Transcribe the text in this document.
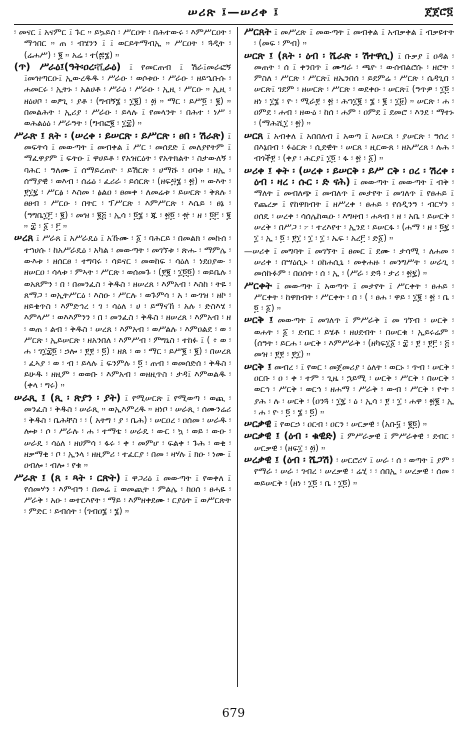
ሠሪጽ ፤—ሠሪቀ ፤	ጀጀሮ፬

፡ መናር ፤ አናምር ፤ ጉር ። ይኴይስ ፡ ሥርዐት ፡ በሕተውሩ ፡ እምሥርዐት ፡ ማኅበር ። ጠ ፡ ብሄንን ፤ ፤ ወርይትማብኢ ። ሥርዐት ፡ ጓዲት ፡ (ሬሐሥ) ፡ ፪ ። አሬ ፡ ተ(፷፮) ።

(ጥ) ሥራዕ፤(ዓት፡ዐረ፡ሺራዕ) ፤ የመርጠብ ፤ ሽራ፤መራፎኝ ፤መዝጣርዑ፤ ኢውረዱዱ ፡ ሥራዑ ፡ ወሶቱዑ ፡ ሥራዑ ፡ ዘይኄቡሱ ፡ ሐመርሩ ፡ ኢትኑ ፡ አልሀቶ ፡ ሥራዕ ፡ ሥራዑ ፡ ኢዚ ፡ ሥርዑ ። ኢዚ ፡ ዘዕሀቦ ፡ ወፆጊ ፡ ያቶ ፡ (ግብኝ፮ ፡ ፲፪) ፡ ፴ ። ማር ፡ ይሥ፬ ፡ ፪) ። በመልሕት ፡ ኢሪያ ፡ ሥራዑ ፡ ይላሉ ፤ የመላንት ፡ በሕተ ፡ ነሥ ፡ ወሕልዕዕ ፡ ሥራዓት ፡ (ግብፎ፪ ፡ ፲፰) ።

ሥራጽ ፤ ጸት ፡ (ሠረቀ ፡ ይሠርጽ ፡ ይሥርጽ ፡ ፀበ ፡ ሽራጽ) ፤ መፍትሳ ፤ መውጣት ፤ መብቀል ፤ ሥር ፡ መሰደድ ፤ መለያየትም ፤ ማፈዋያም ፤ ፍትዑ ፤ ዋሀይቶ ፡ የአዝርዕት ፡ የአትክልት ፡ ስታውለኝ ፡ ባሕር ፡ ዓለሙ ፤ ሰማይረጠዮ ፡ ይሽርጽ ፡ ሀማሹ ፡ ዐባቱ ፡ ዘኢ ፡ ሰማያዊ ፡ ወእብ ፡ ሰሬዕ ፡ ፈሪራ ፡ ይሰርጽ ፡ (ዘፍ፵፮ ፡ ፳) ። ውእት ፡ ፻፲፯ ፡ ሥርፅ ፡ እስመ ፡ ፅልዐ ፡ ፀመቀ ፡ ለመሬቱ ፡ ይሠርጽ ፡ ቅጸሉ ፡ ፀፀብ ፡ ሥርዑ ፡ በትር ፡ ፕሥርጽ ፡ እምሥርጽ ፡ እሴይ ፡ ፀኔ ፡ (ዓግቤ፲፫ ፡ ፪) ፡ መዝ ፡ ፪፭ ፡ ኢሳ ፡ ፬፮ ፡ ጁ ፡ ፳፬ ፡ ፹ ፡ ዘ ፡ ፬፫ ፡ ፪ ። ፰ ፡ ፩ ፡ ፫ ።

ሠረጸ ፤ ሥራጸ ፤ አሥራዴዕ ፤ አኹሙ ፡ ፩ ፡ ባሕርይ ፡ በመልክ ፡ መኩሰ ፡ ተኀሀሱ ፡ ከአሥራዴዕ ፡ አካል ፡ መውጣት ፡ መገኘቱ ፡ ጽሑ ፡ ማምሌ ፡ ውእቱ ፡ ዘሰርፀ ፡ ተግባሩ ፡ ሳይናር ፡ መወከፍ ፡ ሳዕለ ፡ ነደዐያው ፡ ዘሠርዐ ፡ ሳላቱ ፡ ምኣት ፡ ሥርጽ ፡ ወሰመጉ ፡ (፻፪ ፡ ፲፬፬) ፡ ወይቤሉ ፡ ወአጸምን ፡ በ ፡ በመንፈስ ፡ ቅዱስ ፡ ዘሠረጸ ፡ እምአብ ፡ እስከ ፡ ትዬ ፡ ጸማጋ ፡ ወኢትሥርዕ ፡ እስዑ ፡ ሥርሉ ፡ ወጉምሳ ፡ አ ፡ ውገዝ ፡ ዘኮ ፡ ዘይቄጥስ ፡ እምድኅረ ፡ ገ ፡ ሳዕለ ፡ ሀ ፡ ይማናኸ ፡ አሉ ፡ ድስእሄ ፡ እምላሥ ፡ ወእእምንን ፡ በ ፡ መንፈስ ፡ ቅዱስ ፡ ዘሠረጸ ፡ እምአብ ፡ ዘ ፡ ወጠ ፡ ልብ ፡ ቅዱስ ፡ ሠረጸ ፡ እምአብ ፡ ወሥልሉ ፡ እምዐልደ ፡ ወ ፡ ሥርጽ ፡ ኢይሠርጽ ፡ ዘአንበለ ፡ እምሥብ ፡ ምግኒስ ፡ ተከፉ ፤ ( ፥ ወ ፡ ሐ ፡ ገ፲፰፬ ፡ ኃሎ ፡ ፻፻ ፡ ፬) ፡ ዘጰ ፡ ወ ፡ ማር ፡ ይሥ፪ ፡ ፪) ፡ በሠረጸ ፡ ፈኣያ ፡ ወ ፡ ብ ፡ ይላሉ ፤ ፍንምሉ ፡ ፬ ፡ ጠብ ፡ ወመሰድሰ ፡ ቅዱስ ፡ ይሁዱ ፡ ዘዚም ፡ ወወቡ ፡ እምአብ ፡ ወዘዚጥስ ፡ ታዳ፤ እምወልዱ ፡ (ቀላ ፡ ግሩ) ።

ሠራጺ ፤ (ጺ ፡ ጽያን ፡ ያት) ፤ የሚሠርጽ ፤ የሚወጣ ፡ ወጪ ፡ መንፈስ ፡ ቅዱስ ፡ ሠራጺ ። ወኢእምረዱ ። ዘነቦ ፡ ሠራጺ ፡ ሰሙንሬሪ ፡ ቅዱስ ፡ ቤሕቸስ ፡ ፡ ( አትግ ፡ ያ ፡ ቤሕ) ፡ ሠርዐረ ፡ ዐሰመ ፡ ሠራዱ ፡ ሎቱ ፡ ሶ ፡ ሥራሉ ፡ ሐ ፡ ተማቴ ፡ ሠራዴ ፡ ውር ፡ ኳ ፡ ወይ ፡ ውዑ ፡ ሠራዴ ፡ ሳዕለ ፡ ዘሀምሳ ፡ ፋሩ ፡ ቀ ፡ መምሆ ፡ ፍልቀ ፡ ጉሕ ፡ ወቂ ፡ ዘቃማቂ ፡ ቦ ፡ ኢንላ ፡ ዘዚምሪ ፡ ተፈርያ ፡ በመ ፡ ዛሃሉ ፤ ክዑ ፡ ነሙ ፤ ዐብሎ ፡ ብሎ ፡ የቁ ።

ሥራጽ ፤ (ጸ ፡ ጻት ፡ ርጽት) ፤ ዋጋሪዕ ፤ መውጣት ፤ የወቀለ ፤ የሰመሃን ፡ እምብዓ ፡ በመሬ ፤ ወመጪት ፡ ምልሌ ፡ ከዐሰ ፡ ፀሓዬ ፡ ሥራቅ ፡ አዑ ፡ ወተርእየት ፡ ማይ ፡ እምዘቀደሙ ፡ ርያዕት ፤ ወሥርጽት ፡ ምድር ፡ ይብሰት ፡ (ገብዐ፮ ፡ ፮) ።

ሥርጸት ፤ መሥረጽ ፤ መውጣት ፤ መብቀል ፤ አብቃቀል ፤ ብቃዩተት ፡ (መፍ ፡ ምብ) ።

ሠርጽ ፤ (ጸት ፡ ዕብ ፡ ሼራጽ ፡ ሽተዋሲ) ፤ ቡቃያ ፤ ዐዳል ፡ መጠት ፡ ሰ ፤ ቀንበጥ ፤ ሙግራ ፡ ጫዮ ፡ ውሰብልሮሱ ፡ ዘሮት ፡ ምስለ ፡ ሥርጽ ፡ ሥርጽ፤ ዘኤንበሰ ፡ ይደምሬ ፡ ሥርጽ ፡ ሴዳጊበ ፡ ሠርጽ፤ ገደም ፡ ዘሠርጽ ፡ ሥርጽ ፡ ወደቀዑ ፡ ሠርጽ፤ (ዓጥዎ ፡ ፲፬ ፡ ዘነ ፡ ፲፮ ፡ ዮ ፡ ሚራ፻ ፡ ፳ ፡ ሕኀ፲፪ ፡ ፮ ፡ ፪ ፡ ፲፱) ። ሠርጽ ፡ ሐ ፡ ዐምደ ፡ ሐብ ፡ ዘውዕ ፡ ከሰ ፡ ሐም ፡ ዐምደ ፤ ደመሮ ፡ እንደ ፡ ማተኑ ፡ (ማሕሺ፲ ፡ ፳) ።

ሠርጸ ፤ አብቀለ ፤ አበበለብ ፤ አወጣ ፤ አሠርጸ ፡ ያሠርጽ ፡ ዓሰረ ፡ በእኔበብ ፡ ፉዕርጽ ፡ ሲደዊት ፡ ሠርጸ ፡ ዚርውጸ ፡ ዘአሥረጸ ፡ ሉሕ ፡ ብጎች፻ ፡ (ቀያ ፡ ሕርያ፤ ፲፬ ፡ ፋ ፡ ፳ ፡ ፩) ።

ሠሪቀ ፤ ቀት ፡ (ሠረቀ ፡ ይሠርቅ ፡ ይሥ ርቅ ፡ ዐረ ፡ ሽረቀ ፡ ዕብ ፡ ዛረ ፡ ሱር ፡ ድ ናሕ) ፤ መውጣት ፤ መውጣት ፤ ብቅ ፡ ማለት ፤ መብለጭ ፤ መብለጥ ፤ መታየት ፤ መገለጥ ፤ የፀሐይ ፤ የጨረቃ ፤ የከዋክብት ፤ ዘሥረቀ ፡ ፀሐይ ፡ የሰዲንዓ ፡ ብርሃን ፡ ዐሰዴ ፡ ሠረቀ ፡ ሳሰሌከዉዑ ፡ እግዛብ ፡ ሐጻብ ፡ ዘ ፡ አቤ ፡ ይሠርቅ ፡ ሠረቅ ፡ በሥጋ ፡ ፦ ፡ ተረእየተ ፡ ኢንደ ፡ ይሠርፋ ፡ (ሐማ ፡ ዘ ፡ ፬፯ ፡ ፲ ፡ ኢ ፡ ፬ ፡ ፻፲ ፡ ፲ ፡ ፲ ፡ ኤፍ ፡ አረ፫ ፡ ድ፩) ።

—ሠሪቀ ፤ መግባት ፤ መገኘት ፤ ፀመር ፤ ደሙ ፡ ታሳሚ ፡ ለሐመ ፡ ሠሪቀ ፡ በሣዕሲኑ ፡ ዐከሐሲኒ ፡ መቀሐዙ ፡ መንግሥት ፡ ሠራጊ ፡ መሰኩፉም ፡ በዐሰት ፡ ሰ ፡ ኢ ፡ (ሥራ ፡ ድጓ ፡ ታሪ ፡ ፳፯) ።

ሥርቀት ፤ መውጣት ፤ አወጣጥ ፤ መታየት ፤ ሥርቀት ፡ ፀሐይ ፡ ሥርቀት ፡ ከዋክብት ፡ ሥርቀት ፡ በ ፡ ( ፡ ፀሐ ፡ ዋይ ፡ ፲፪ ፡ ፳ ፡ ቤ ፡ ፬ ፡ ፩) ።

ሠርቅ ፤ መውጣት ፤ መገለጥ ፤ ምሥራቅ ፤ መ ገኘብ ፡ ሠርቅ ፡ ወሐት ፡ ፩ ፡ ደብር ፡ ይሄቶ ፡ ዘሀደብት ፡ በሠርቁ ፡ ኢይሩሬም ፡ (ሰዓት ፡ ይርሐ ፡ ሠርቅ ፡ እምሥራቅ ፡ (ዘካፍ፲፩ ፡ ፰ ፡ ፻ ፡ ፻፫ ፡ ፭ ፡ መዝ ፡ ፻፻ ፡ ፻፲) ።

ሠርቅ ፤ መብረ ፡ ፤ የወር ፡ መጀመሪያ ፡ ዕለት ፡ ወርኑ ፡ ጥብ ፡ ሠርቅ ፡ ዐርቡ ፡ ዐ ፡ ቀ ፡ ተም ፡ ጊዜ ፡ ኋይሚ ፡ ሠርቅ ፡ ሥርቅ ፡ በሠርቅ ፡ ወርኅ ፡ ሥርቅ ፡ ወርኅ ፡ ዘሐማ ፡ ሥራቅ ፡ ውብ ፡ ሥርቅ ፡ ዮት ፡ ያሕ ፡ ሉ ፡ ሠርቅ ፡ (ዐንጓ ፡ ፲፯ ፡ ዕ ፡ ኢሳ ፡ ፻ ፡ ፲ ፡ ሐዋ ፡ ፳፪ ፡ ኢ ፡ ሐ ፡ ዮ ፡ ፬ ፡ ፮ ፡ ፬) ።

ሠርቃዊ ፤ የወርኃ ፡ ዐርብ ፡ ዐርን ፡ ሠርቃዊ ፡ (አቡ፶ ፡ ፪፬) ።

ሠርቃዊ ፤ (ዕብ ፡ ቁዊድ) ፤ ምሥራቃዊ ፤ ምሥራቀዊ ፡ ደብር ፡ ሠርቃዊ ፡ (ዘፍ፲ ፡ ፴) ።

ሠረቃዊ ፤ (ዕብ ፡ ሼጋሽ) ፡ ሠርሮሪሃ ፤ ሠራ ፡ ሰ ፡ ወጣት ፤ ያም ፡ የማራ ፡ ሠራ ፡ ገብረ ፡ ሠረቃዊ ፡ ሬሂ ፡ ፡ ሰበኢ ፡ ሠረቃዊ ፡ ሰመ ፡ ወይሠርቅ ፡ (ዘነ ፡ ፲፬ ፡ ቤ ፡ ፲፬) ።

679
